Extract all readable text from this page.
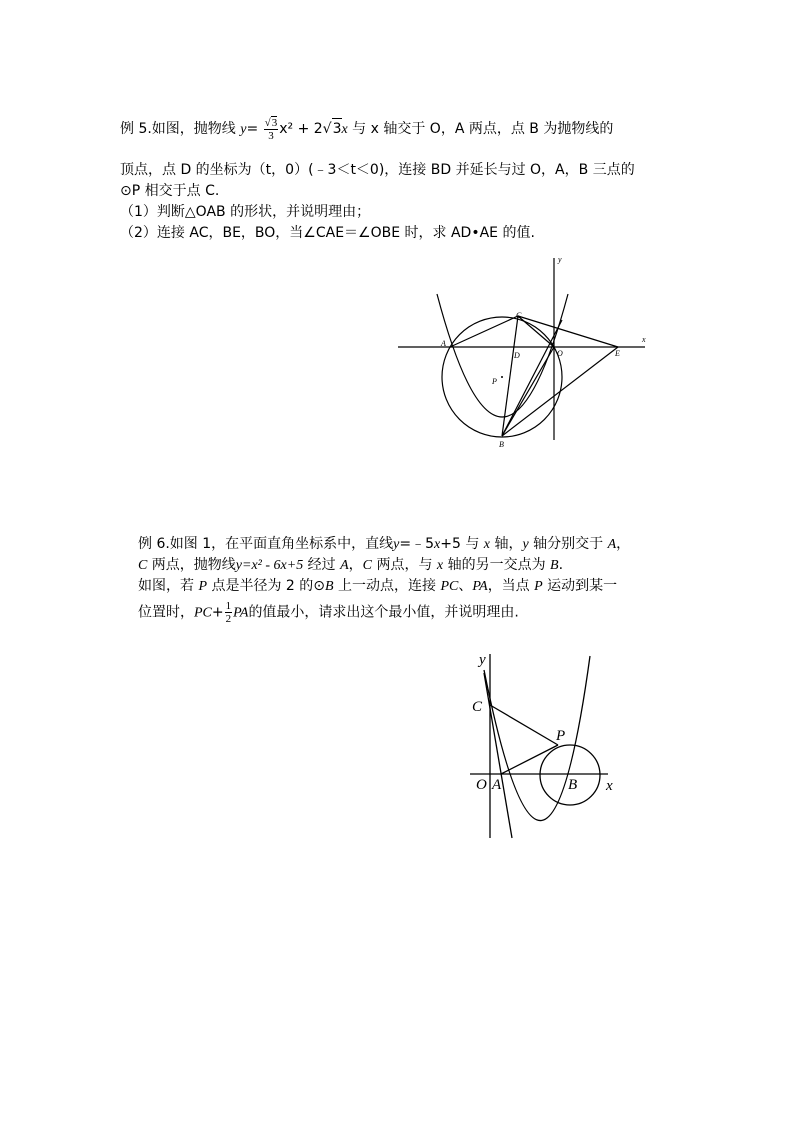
例 5.如图，抛物线 $y= \frac{√3}{3} x^2 + 2√3x$ 与 x 轴交于 O，A 两点，点 B 为抛物线的
顶点，点 D 的坐标为（t，0）(﹣3＜t＜0)，连接 BD 并延长与过 O，A，B 三点的
⊙P 相交于点 C.
（1）判断△OAB 的形状，并说明理由；
（2）连接 AC，BE，BO，当∠CAE＝∠OBE 时，求 AD•AE 的值.
y
x
A
C
D	O	E
P
B
例 6.如图 1，在平面直角坐标系中，直线y=﹣5x+5 与 x 轴，y 轴分别交于 A，
C 两点，抛物线y=x² - 6x+5 经过 A，C 两点，与 x 轴的另一交点为 B.
如图，若 P 点是半径为 2 的⊙B 上一动点，连接 PC、PA，当点 P 运动到某一
位置时，$PC+ \frac{1}{2}$ PA的值最小，请求出这个最小值，并说明理由.
y
x
C
P
O A	B
